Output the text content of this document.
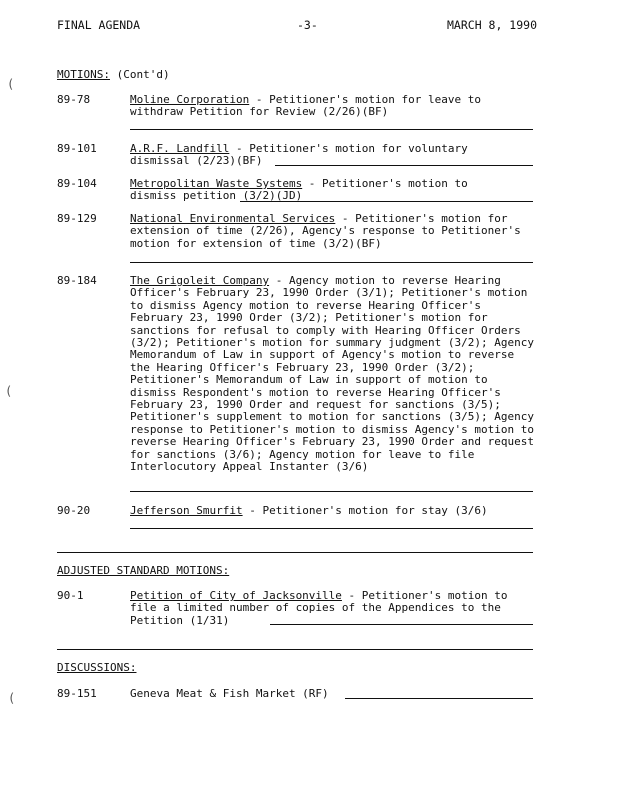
FINAL AGENDA	-3-	MARCH 8, 1990
(
(
(
MOTIONS: (Cont'd)
89-78	Moline Corporation - Petitioner's motion for leave to withdraw Petition for Review (2/26)(BF)
89-101	A.R.F. Landfill - Petitioner's motion for voluntary dismissal (2/23)(BF)
89-104	Metropolitan Waste Systems - Petitioner's motion to dismiss petition (3/2)(JD)
89-129	National Environmental Services - Petitioner's motion for extension of time (2/26), Agency's response to Petitioner's motion for extension of time (3/2)(BF)
89-184	The Grigoleit Company - Agency motion to reverse Hearing Officer's February 23, 1990 Order (3/1); Petitioner's motion to dismiss Agency motion to reverse Hearing Officer's February 23, 1990 Order (3/2); Petitioner's motion for sanctions for refusal to comply with Hearing Officer Orders (3/2); Petitioner's motion for summary judgment (3/2); Agency Memorandum of Law in support of Agency's motion to reverse the Hearing Officer's February 23, 1990 Order (3/2); Petitioner's Memorandum of Law in support of motion to dismiss Respondent's motion to reverse Hearing Officer's February 23, 1990 Order and request for sanctions (3/5); Petitioner's supplement to motion for sanctions (3/5); Agency response to Petitioner's motion to dismiss Agency's motion to reverse Hearing Officer's February 23, 1990 Order and request for sanctions (3/6); Agency motion for leave to file Interlocutory Appeal Instanter (3/6)
90-20	Jefferson Smurfit - Petitioner's motion for stay (3/6)
ADJUSTED STANDARD MOTIONS:
90-1	Petition of City of Jacksonville - Petitioner's motion to file a limited number of copies of the Appendices to the Petition (1/31)
DISCUSSIONS:
89-151	Geneva Meat & Fish Market (RF)
